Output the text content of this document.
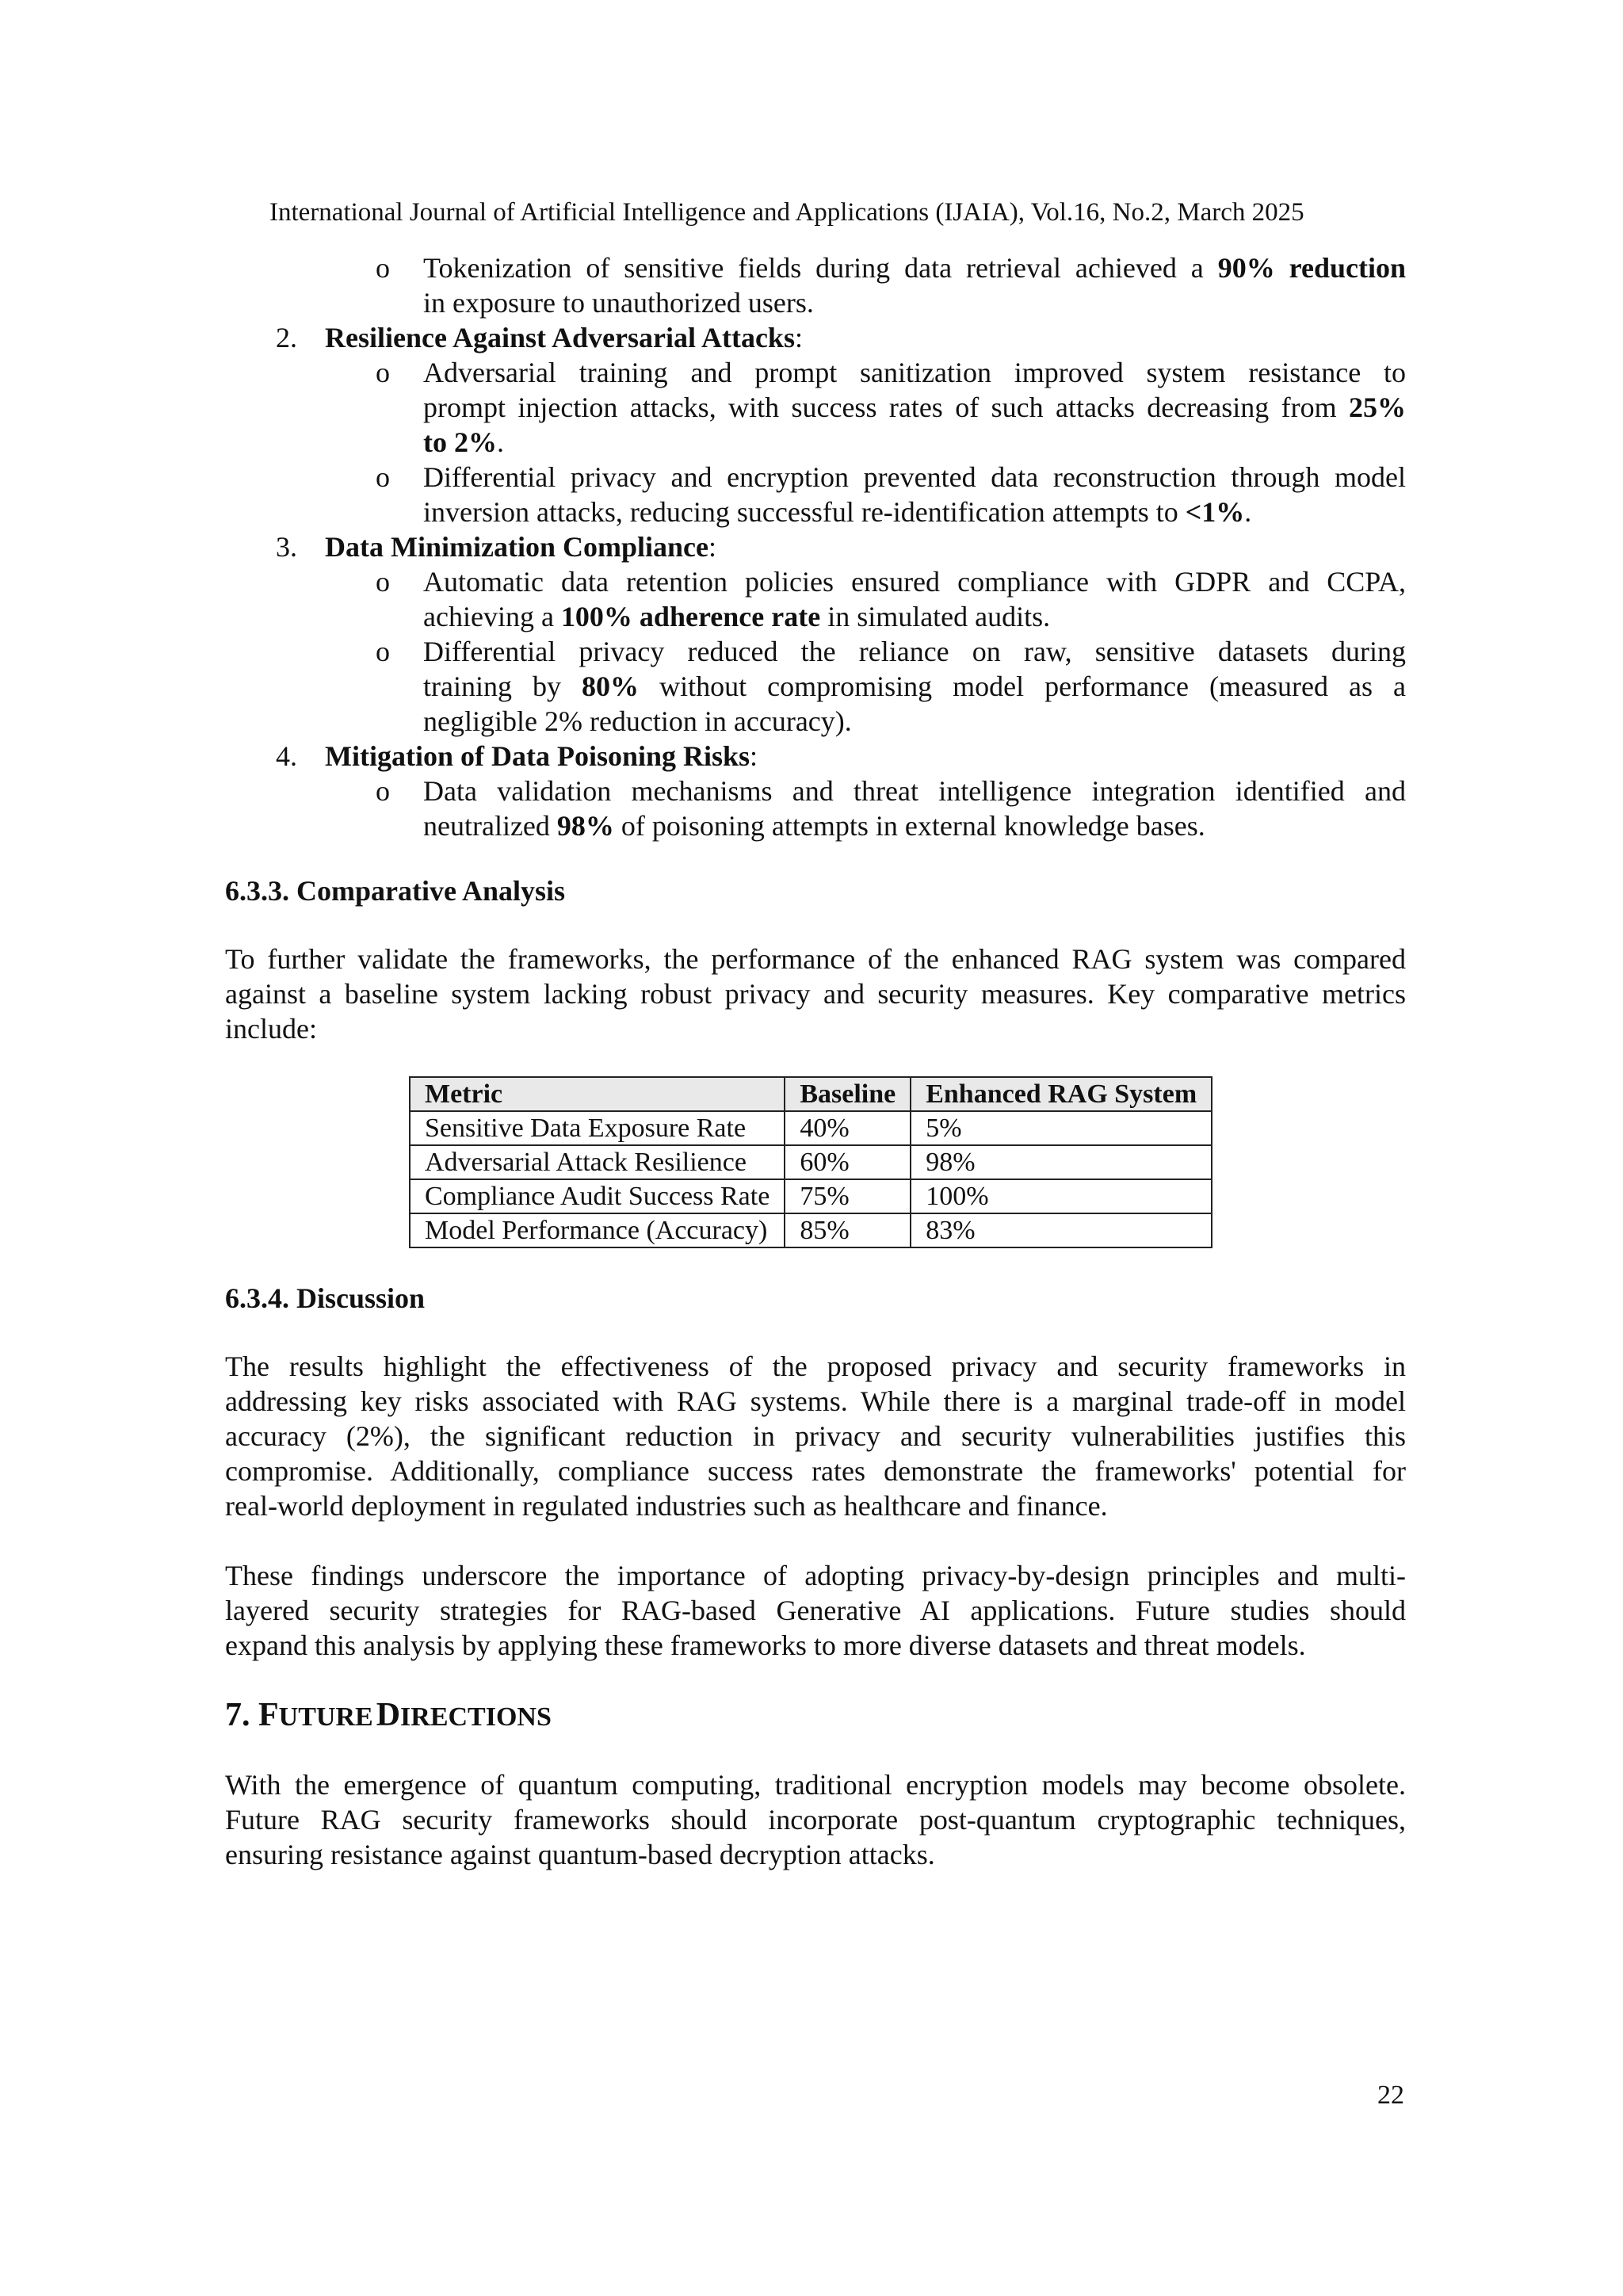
International Journal of Artificial Intelligence and Applications (IJAIA), Vol.16, No.2, March 2025
o Tokenization of sensitive fields during data retrieval achieved a 90% reduction
in exposure to unauthorized users.
2. Resilience Against Adversarial Attacks:
o Adversarial training and prompt sanitization improved system resistance to
prompt injection attacks, with success rates of such attacks decreasing from 25%
to 2%.
o Differential privacy and encryption prevented data reconstruction through model
inversion attacks, reducing successful re-identification attempts to <1%.
3. Data Minimization Compliance:
o Automatic data retention policies ensured compliance with GDPR and CCPA,
achieving a 100% adherence rate in simulated audits.
o Differential privacy reduced the reliance on raw, sensitive datasets during
training by 80% without compromising model performance (measured as a
negligible 2% reduction in accuracy).
4. Mitigation of Data Poisoning Risks:
o Data validation mechanisms and threat intelligence integration identified and
neutralized 98% of poisoning attempts in external knowledge bases.
6.3.3. Comparative Analysis
To further validate the frameworks, the performance of the enhanced RAG system was compared
against a baseline system lacking robust privacy and security measures. Key comparative metrics
include:
Metric	Baseline	Enhanced RAG System
Sensitive Data Exposure Rate	40%	5%
Adversarial Attack Resilience	60%	98%
Compliance Audit Success Rate	75%	100%
Model Performance (Accuracy)	85%	83%
6.3.4. Discussion
The results highlight the effectiveness of the proposed privacy and security frameworks in
addressing key risks associated with RAG systems. While there is a marginal trade-off in model
accuracy (2%), the significant reduction in privacy and security vulnerabilities justifies this
compromise. Additionally, compliance success rates demonstrate the frameworks' potential for
real-world deployment in regulated industries such as healthcare and finance.
These findings underscore the importance of adopting privacy-by-design principles and multi-
layered security strategies for RAG-based Generative AI applications. Future studies should
expand this analysis by applying these frameworks to more diverse datasets and threat models.
7. FUTURE DIRECTIONS
With the emergence of quantum computing, traditional encryption models may become obsolete.
Future RAG security frameworks should incorporate post-quantum cryptographic techniques,
ensuring resistance against quantum-based decryption attacks.
22
